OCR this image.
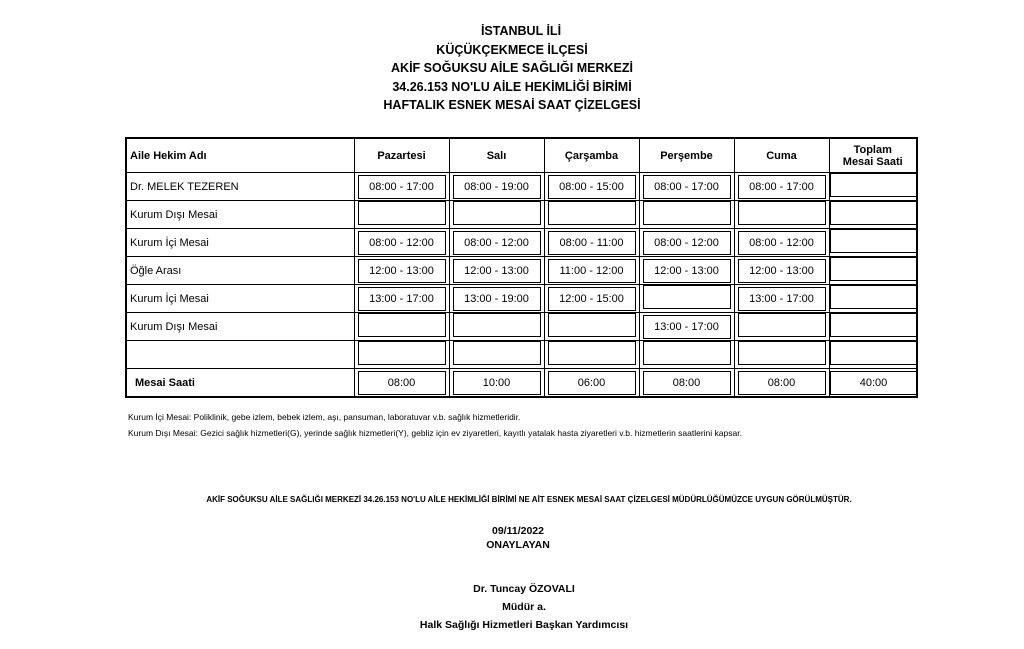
İSTANBUL İLİ
KÜÇÜKÇEKMECE İLÇESİ
AKİF SOĞUKSU AİLE SAĞLIĞI MERKEZİ
34.26.153 NO'LU AİLE HEKİMLİĞİ BİRİMİ
HAFTALIK ESNEK MESAİ SAAT ÇİZELGESİ
Aile Hekim Adı	Pazartesi	Salı	Çarşamba	Perşembe	Cuma	Toplam
Mesai Saati

Dr. MELEK TEZEREN	08:00 - 17:00	08:00 - 19:00	08:00 - 15:00	08:00 - 17:00	08:00 - 17:00	
Kurum Dışı Mesai						
Kurum İçi Mesai	08:00 - 12:00	08:00 - 12:00	08:00 - 11:00	08:00 - 12:00	08:00 - 12:00	
Öğle Arası	12:00 - 13:00	12:00 - 13:00	11:00 - 12:00	12:00 - 13:00	12:00 - 13:00	
Kurum İçi Mesai	13:00 - 17:00	13:00 - 19:00	12:00 - 15:00		13:00 - 17:00	
Kurum Dışı Mesai				13:00 - 17:00		

Mesai Saati	08:00	10:00	06:00	08:00	08:00	40:00
Kurum İçi Mesai: Poliklinik, gebe izlem, bebek izlem, aşı, pansuman, laboratuvar v.b. sağlık hizmetleridir.
Kurum Dışı Mesai: Gezici sağlık hizmetleri(G), yerinde sağlık hizmetleri(Y), gebliz için ev ziyaretleri, kayıtlı yatalak hasta ziyaretleri v.b. hizmetlerin saatlerini kapsar.
AKİF SOĞUKSU AİLE SAĞLIĞI MERKEZİ 34.26.153 NO'LU AİLE HEKİMLİĞİ BİRİMİ NE AİT ESNEK MESAİ SAAT ÇİZELGESİ MÜDÜRLÜĞÜMÜZCE UYGUN GÖRÜLMÜŞTÜR.
09/11/2022
ONAYLAYAN
Dr. Tuncay ÖZOVALI
Müdür a.
Halk Sağlığı Hizmetleri Başkan Yardımcısı
